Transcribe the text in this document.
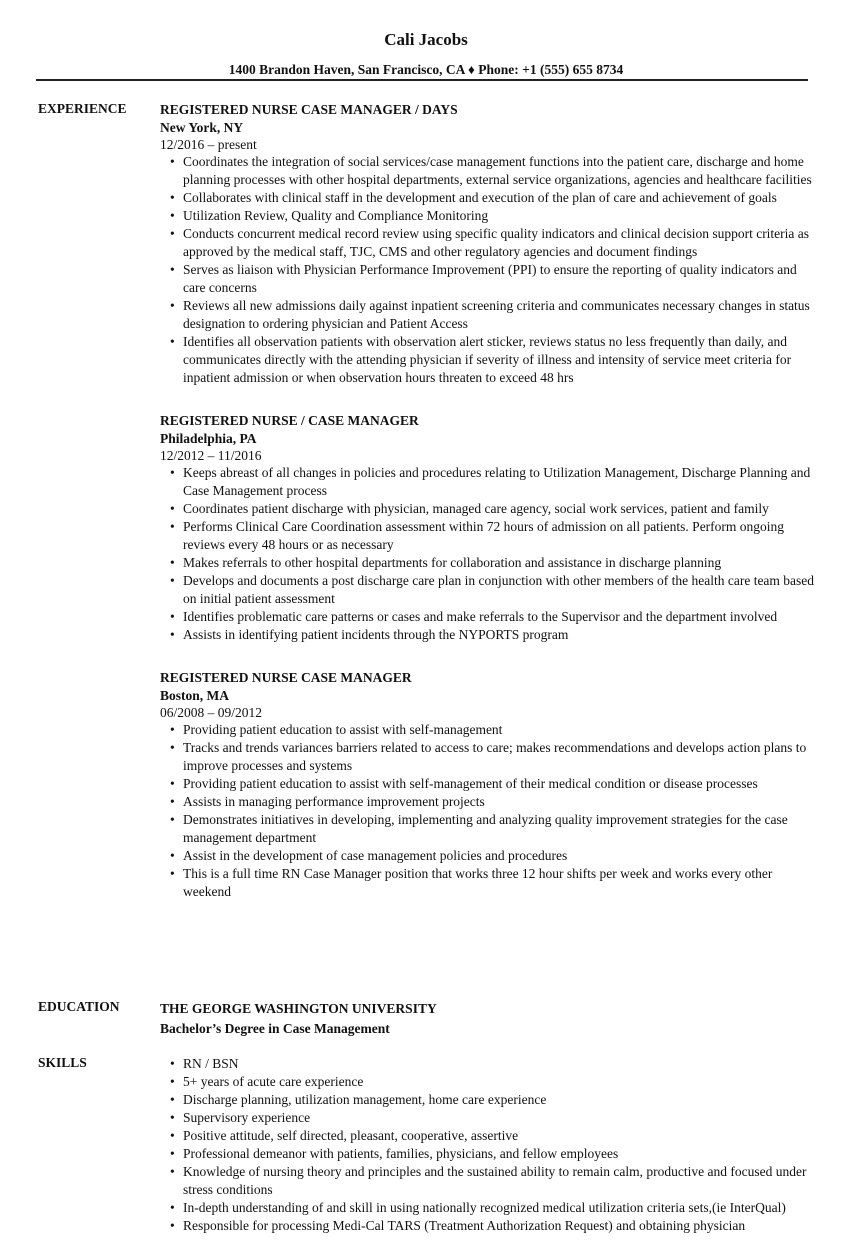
Cali Jacobs
1400 Brandon Haven, San Francisco, CA ♦ Phone: +1 (555) 655 8734
EXPERIENCE REGISTERED NURSE CASE MANAGER / DAYS
New York, NY
12/2016 – present
• Coordinates the integration of social services/case management functions into the patient care, discharge and home planning processes with other hospital departments, external service organizations, agencies and healthcare facilities
• Collaborates with clinical staff in the development and execution of the plan of care and achievement of goals
• Utilization Review, Quality and Compliance Monitoring
• Conducts concurrent medical record review using specific quality indicators and clinical decision support criteria as approved by the medical staff, TJC, CMS and other regulatory agencies and document findings
• Serves as liaison with Physician Performance Improvement (PPI) to ensure the reporting of quality indicators and care concerns
• Reviews all new admissions daily against inpatient screening criteria and communicates necessary changes in status designation to ordering physician and Patient Access
• Identifies all observation patients with observation alert sticker, reviews status no less frequently than daily, and communicates directly with the attending physician if severity of illness and intensity of service meet criteria for inpatient admission or when observation hours threaten to exceed 48 hrs
REGISTERED NURSE / CASE MANAGER
Philadelphia, PA
12/2012 – 11/2016
• Keeps abreast of all changes in policies and procedures relating to Utilization Management, Discharge Planning and Case Management process
• Coordinates patient discharge with physician, managed care agency, social work services, patient and family
• Performs Clinical Care Coordination assessment within 72 hours of admission on all patients. Perform ongoing reviews every 48 hours or as necessary
• Makes referrals to other hospital departments for collaboration and assistance in discharge planning
• Develops and documents a post discharge care plan in conjunction with other members of the health care team based on initial patient assessment
• Identifies problematic care patterns or cases and make referrals to the Supervisor and the department involved
• Assists in identifying patient incidents through the NYPORTS program
REGISTERED NURSE CASE MANAGER
Boston, MA
06/2008 – 09/2012
• Providing patient education to assist with self-management
• Tracks and trends variances barriers related to access to care; makes recommendations and develops action plans to improve processes and systems
• Providing patient education to assist with self-management of their medical condition or disease processes
• Assists in managing performance improvement projects
• Demonstrates initiatives in developing, implementing and analyzing quality improvement strategies for the case management department
• Assist in the development of case management policies and procedures
• This is a full time RN Case Manager position that works three 12 hour shifts per week and works every other weekend
EDUCATION	THE GEORGE WASHINGTON UNIVERSITY
Bachelor’s Degree in Case Management
SKILLS
•	RN / BSN
• 5+ years of acute care experience
• Discharge planning, utilization management, home care experience
• Supervisory experience
• Positive attitude, self directed, pleasant, cooperative, assertive
• Professional demeanor with patients, families, physicians, and fellow employees
• Knowledge of nursing theory and principles and the sustained ability to remain calm, productive and focused under stress conditions
• In-depth understanding of and skill in using nationally recognized medical utilization criteria sets,(ie InterQual)
• Responsible for processing Medi-Cal TARS (Treatment Authorization Request) and obtaining physician
